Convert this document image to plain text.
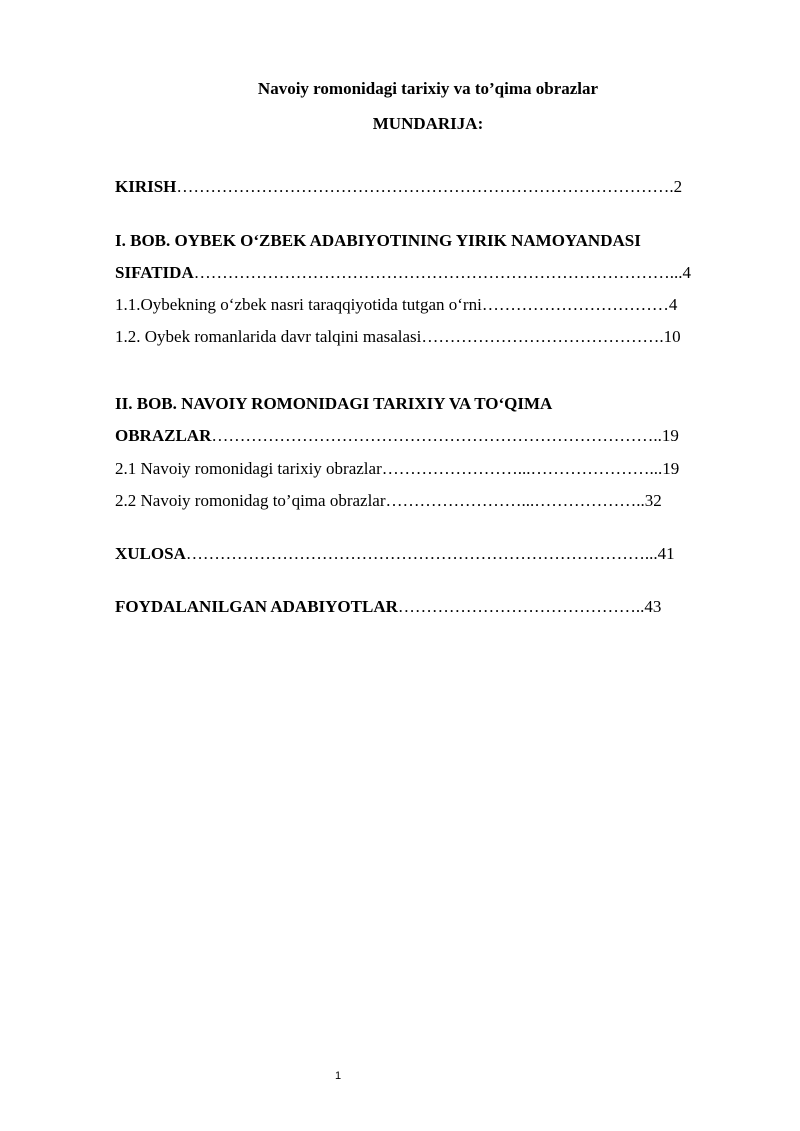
Navoiy romonidagi tarixiy va to’qima obrazlar
MUNDARIJA:
KIRISH…………………………………………………………………………….2
I. BOB. OYBEK O‘ZBEK ADABIYOTINING YIRIK NAMOYANDASI
SIFATIDA…………………………………………………………………………...4
1.1.Oybekning o‘zbek nasri taraqqiyotida tutgan o‘rni……………………………4
1.2. Oybek romanlarida davr talqini masalasi…………………………………….10
II. BOB. NAVOIY ROMONIDAGI TARIXIY VA TO‘QIMA
OBRAZLAR……………………………………………………………………..19
2.1 Navoiy romonidagi tarixiy obrazlar……………………...…………………...19
2.2 Navoiy romonidag to’qima obrazlar……………………...………………..32
XULOSA………………………………………………………………………...41
FOYDALANILGAN ADABIYOTLAR……………………………………..43
1
